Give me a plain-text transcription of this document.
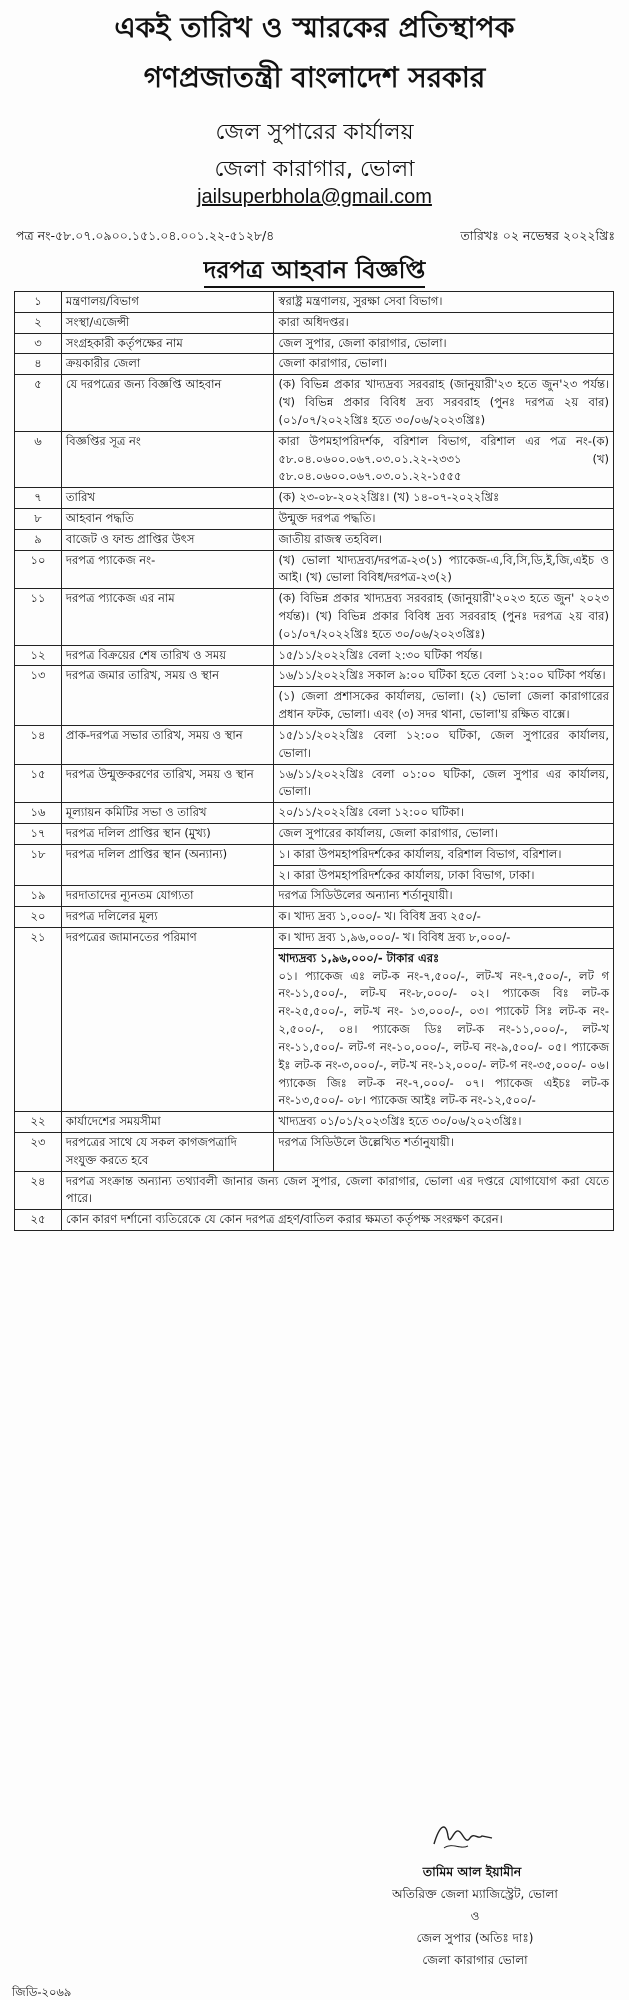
একই তারিখ ও স্মারকের প্রতিস্থাপক
গণপ্রজাতন্ত্রী বাংলাদেশ সরকার
জেল সুপারের কার্যালয়
জেলা কারাগার, ভোলা
jailsuperbhola@gmail.com
পত্র নং-৫৮.০৭.০৯০০.১৫১.০৪.০০১.২২-৫১২৮/৪	তারিখঃ ০২ নভেম্বর ২০২২খ্রিঃ
দরপত্র আহবান বিজ্ঞপ্তি
১	মন্ত্রণালয়/বিভাগ	স্বরাষ্ট্র মন্ত্রণালয়, সুরক্ষা সেবা বিভাগ।
২	সংস্থা/এজেন্সী	কারা অধিদপ্তর।
৩	সংগ্রহকারী কর্তৃপক্ষের নাম	জেল সুপার, জেলা কারাগার, ভোলা।
৪	ক্রয়কারীর জেলা	জেলা কারাগার, ভোলা।
৫	যে দরপত্রের জন্য বিজ্ঞপ্তি আহবান	(ক) বিভিন্ন প্রকার খাদ্যদ্রব্য সরবরাহ (জানুয়ারী'২৩ হতে জুন'২৩ পর্যন্ত।(খ) বিভিন্ন প্রকার বিবিধ দ্রব্য সরবরাহ (পুনঃ দরপত্র ২য় বার) (০১/০৭/২০২২খ্রিঃ হতে ৩০/০৬/২০২৩খ্রিঃ)
৬	বিজ্ঞপ্তির সূত্র নং	কারা উপমহাপরিদর্শক, বরিশাল বিভাগ, বরিশাল এর পত্র নং-(ক) ৫৮.০৪.০৬০০.০৬৭.০৩.০১.২২-২৩৩১ (খ) ৫৮.০৪.০৬০০.০৬৭.০৩.০১.২২-১৫৫৫
৭	তারিখ	(ক) ২৩-০৮-২০২২খ্রিঃ। (খ) ১৪-০৭-২০২২খ্রিঃ
৮	আহবান পদ্ধতি	উন্মুক্ত দরপত্র পদ্ধতি।
৯	বাজেট ও ফান্ড প্রাপ্তির উৎস	জাতীয় রাজস্ব তহবিল।
১০	দরপত্র প্যাকেজ নং-	(খ) ভোলা খাদ্যদ্রব্য/দরপত্র-২৩(১) প্যাকেজ-এ,বি,সি,ডি,ই,জি,এইচ ও আই। (খ) ভোলা বিবিধ/দরপত্র-২৩(২)
১১	দরপত্র প্যাকেজ এর নাম	(ক) বিভিন্ন প্রকার খাদ্যদ্রব্য সরবরাহ (জানুয়ারী'২০২৩ হতে জুন' ২০২৩ পর্যন্ত)। (খ) বিভিন্ন প্রকার বিবিধ দ্রব্য সরবরাহ (পুনঃ দরপত্র ২য় বার) (০১/০৭/২০২২খ্রিঃ হতে ৩০/০৬/২০২৩খ্রিঃ)
১২	দরপত্র বিক্রয়ের শেষ তারিখ ও সময়	১৫/১১/২০২২খ্রিঃ বেলা ২:৩০ ঘটিকা পর্যন্ত।
১৩	দরপত্র জমার তারিখ, সময় ও স্থান	১৬/১১/২০২২খ্রিঃ সকাল ৯:০০ ঘটিকা হতে বেলা ১২:০০ ঘটিকা পর্যন্ত।
		(১) জেলা প্রশাসকের কার্যালয়, ভোলা। (২) ভোলা জেলা কারাগারের প্রধান ফটক, ভোলা। এবং (৩) সদর থানা, ভোলা'য় রক্ষিত বাক্সে।
১৪	প্রাক-দরপত্র সভার তারিখ, সময় ও স্থান	১৫/১১/২০২২খ্রিঃ বেলা ১২:০০ ঘটিকা, জেল সুপারের কার্যালয়, ভোলা।
১৫	দরপত্র উন্মুক্তকরণের তারিখ, সময় ও স্থান	১৬/১১/২০২২খ্রিঃ বেলা ০১:০০ ঘটিকা, জেল সুপার এর কার্যালয়, ভোলা।
১৬	মূল্যায়ন কমিটির সভা ও তারিখ	২০/১১/২০২২খ্রিঃ বেলা ১২:০০ ঘটিকা।
১৭	দরপত্র দলিল প্রাপ্তির স্থান (মুখ্য)	জেল সুপারের কার্যালয়, জেলা কারাগার, ভোলা।
১৮	দরপত্র দলিল প্রাপ্তির স্থান (অন্যান্য)	১। কারা উপমহাপরিদর্শকের কার্যালয়, বরিশাল বিভাগ, বরিশাল।
		২। কারা উপমহাপরিদর্শকের কার্যালয়, ঢাকা বিভাগ, ঢাকা।
১৯	দরদাতাদের ন্যূনতম যোগ্যতা	দরপত্র সিডিউলের অন্যান্য শর্তানুযায়ী।
২০	দরপত্র দলিলের মূল্য	ক। খাদ্য দ্রব্য ১,০০০/- খ। বিবিধ দ্রব্য ২৫০/-
২১	দরপত্রের জামানতের পরিমাণ	ক। খাদ্য দ্রব্য ১,৯৬,০০০/- খ। বিবিধ দ্রব্য ৮,০০০/-

		খাদ্যদ্রব্য ১,৯৬,০০০/- টাকার এরঃ
০১। প্যাকেজ এঃ লট-ক নং-৭,৫০০/-, লট-খ নং-৭,৫০০/-, লট গ নং-১১,৫০০/-, লট-ঘ নং-৮,০০০/- ০২। প্যাকেজ বিঃ লট-ক নং-২৫,৫০০/-, লট-খ নং- ১৩,০০০/-, ০৩। প্যাকেট সিঃ লট-ক নং- ২,৫০০/-, ০৪। প্যাকেজ ডিঃ লট-ক নং-১১,০০০/-, লট-খ নং-১১,৫০০/- লট-গ নং-১০,০০০/-, লট-ঘ নং-৯,৫০০/- ০৫। প্যাকেজ ইঃ লট-ক নং-৩,০০০/-, লট-খ নং-১২,০০০/- লট-গ নং-৩৫,০০০/- ০৬। প্যাকেজ জিঃ লট-ক নং-৭,০০০/- ০৭। প্যাকেজ এইচঃ লট-ক নং-১৩,৫০০/- ০৮। প্যাকেজ আইঃ লট-ক নং-১২,৫০০/-

২২	কার্যাদেশের সময়সীমা	খাদ্যদ্রব্য ০১/০১/২০২৩খ্রিঃ হতে ৩০/০৬/২০২৩খ্রিঃ।
২৩	দরপত্রের সাথে যে সকল কাগজপত্রাদি সংযুক্ত করতে হবে	দরপত্র সিডিউলে উল্লেখিত শর্তানুযায়ী।
২৪	দরপত্র সংক্রান্ত অন্যান্য তথ্যাবলী জানার জন্য জেল সুপার, জেলা কারাগার, ভোলা এর দপ্তরে যোগাযোগ করা যেতে পারে।	
২৫	কোন কারণ দর্শানো ব্যতিরেকে যে কোন দরপত্র গ্রহণ/বাতিল করার ক্ষমতা কর্তৃপক্ষ সংরক্ষণ করেন।	
তামিম আল ইয়ামীন
অতিরিক্ত জেলা ম্যাজিস্ট্রেট, ভোলা
ও
জেল সুপার (অতিঃ দাঃ)
জেলা কারাগার ভোলা
জিডি-২০৬৯
